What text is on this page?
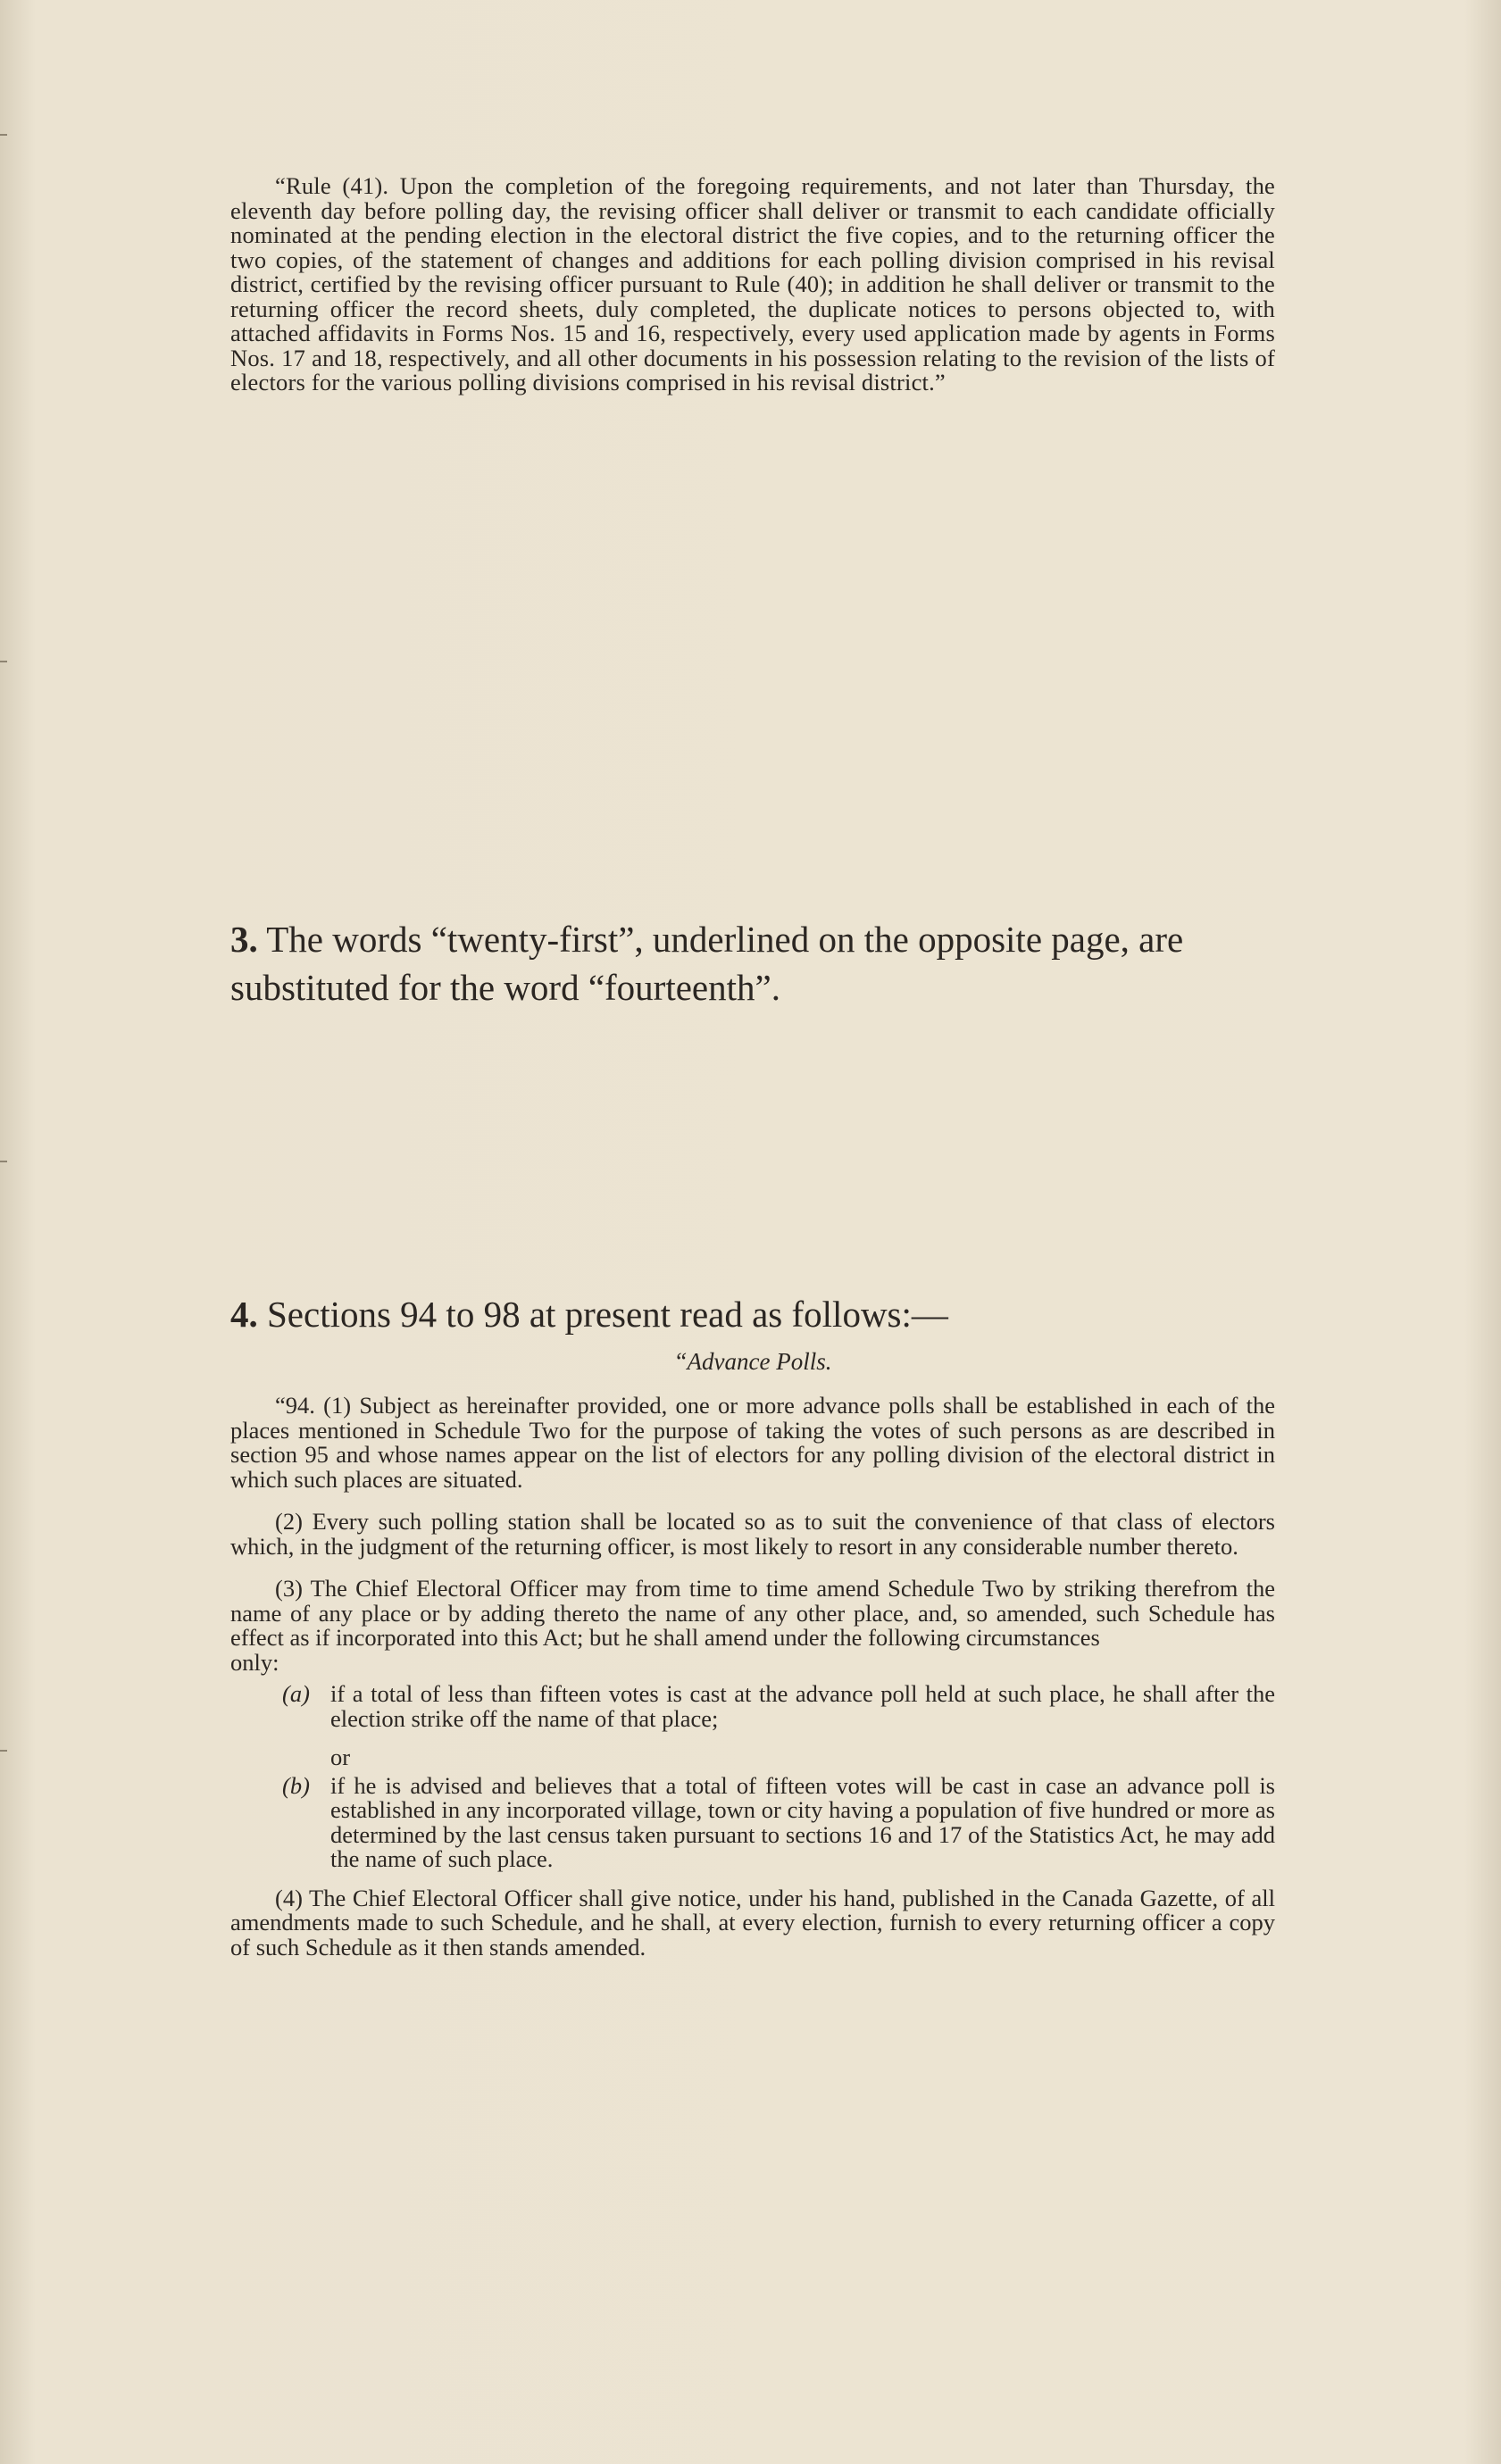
“Rule (41). Upon the completion of the foregoing requirements, and not later than Thursday, the eleventh day before polling day, the revising officer shall deliver or transmit to each candidate officially nominated at the pending election in the electoral district the five copies, and to the returning officer the two copies, of the statement of changes and additions for each polling division comprised in his revisal district, certified by the revising officer pursuant to Rule (40); in addition he shall deliver or transmit to the returning officer the record sheets, duly completed, the duplicate notices to persons objected to, with attached affidavits in Forms Nos. 15 and 16, respectively, every used application made by agents in Forms Nos. 17 and 18, respectively, and all other documents in his possession relating to the revision of the lists of electors for the various polling divisions comprised in his revisal district.”

3. The words “twenty-first”, underlined on the opposite page, are substituted for the word “fourteenth”.
4. Sections 94 to 98 at present read as follows:—
“Advance Polls.

“94. (1) Subject as hereinafter provided, one or more advance polls shall be established in each of the places mentioned in Schedule Two for the purpose of taking the votes of such persons as are described in section 95 and whose names appear on the list of electors for any polling division of the electoral district in which such places are situated.

(2) Every such polling station shall be located so as to suit the convenience of that class of electors which, in the judgment of the returning officer, is most likely to resort in any considerable number thereto.

(3) The Chief Electoral Officer may from time to time amend Schedule Two by striking therefrom the name of any place or by adding thereto the name of any other place, and, so amended, such Schedule has effect as if incorporated into this Act; but he shall amend under the following circumstances

only:
(a) if a total of less than fifteen votes is cast at the advance poll held at such place, he shall after the election strike off the name of that place;
or
(b) if he is advised and believes that a total of fifteen votes will be cast in case an advance poll is established in any incorporated village, town or city having a population of five hundred or more as determined by the last census taken pursuant to sections 16 and 17 of the Statistics Act, he may add the name of such place.

(4) The Chief Electoral Officer shall give notice, under his hand, published in the Canada Gazette, of all amendments made to such Schedule, and he shall, at every election, furnish to every returning officer a copy of such Schedule as it then stands amended.
